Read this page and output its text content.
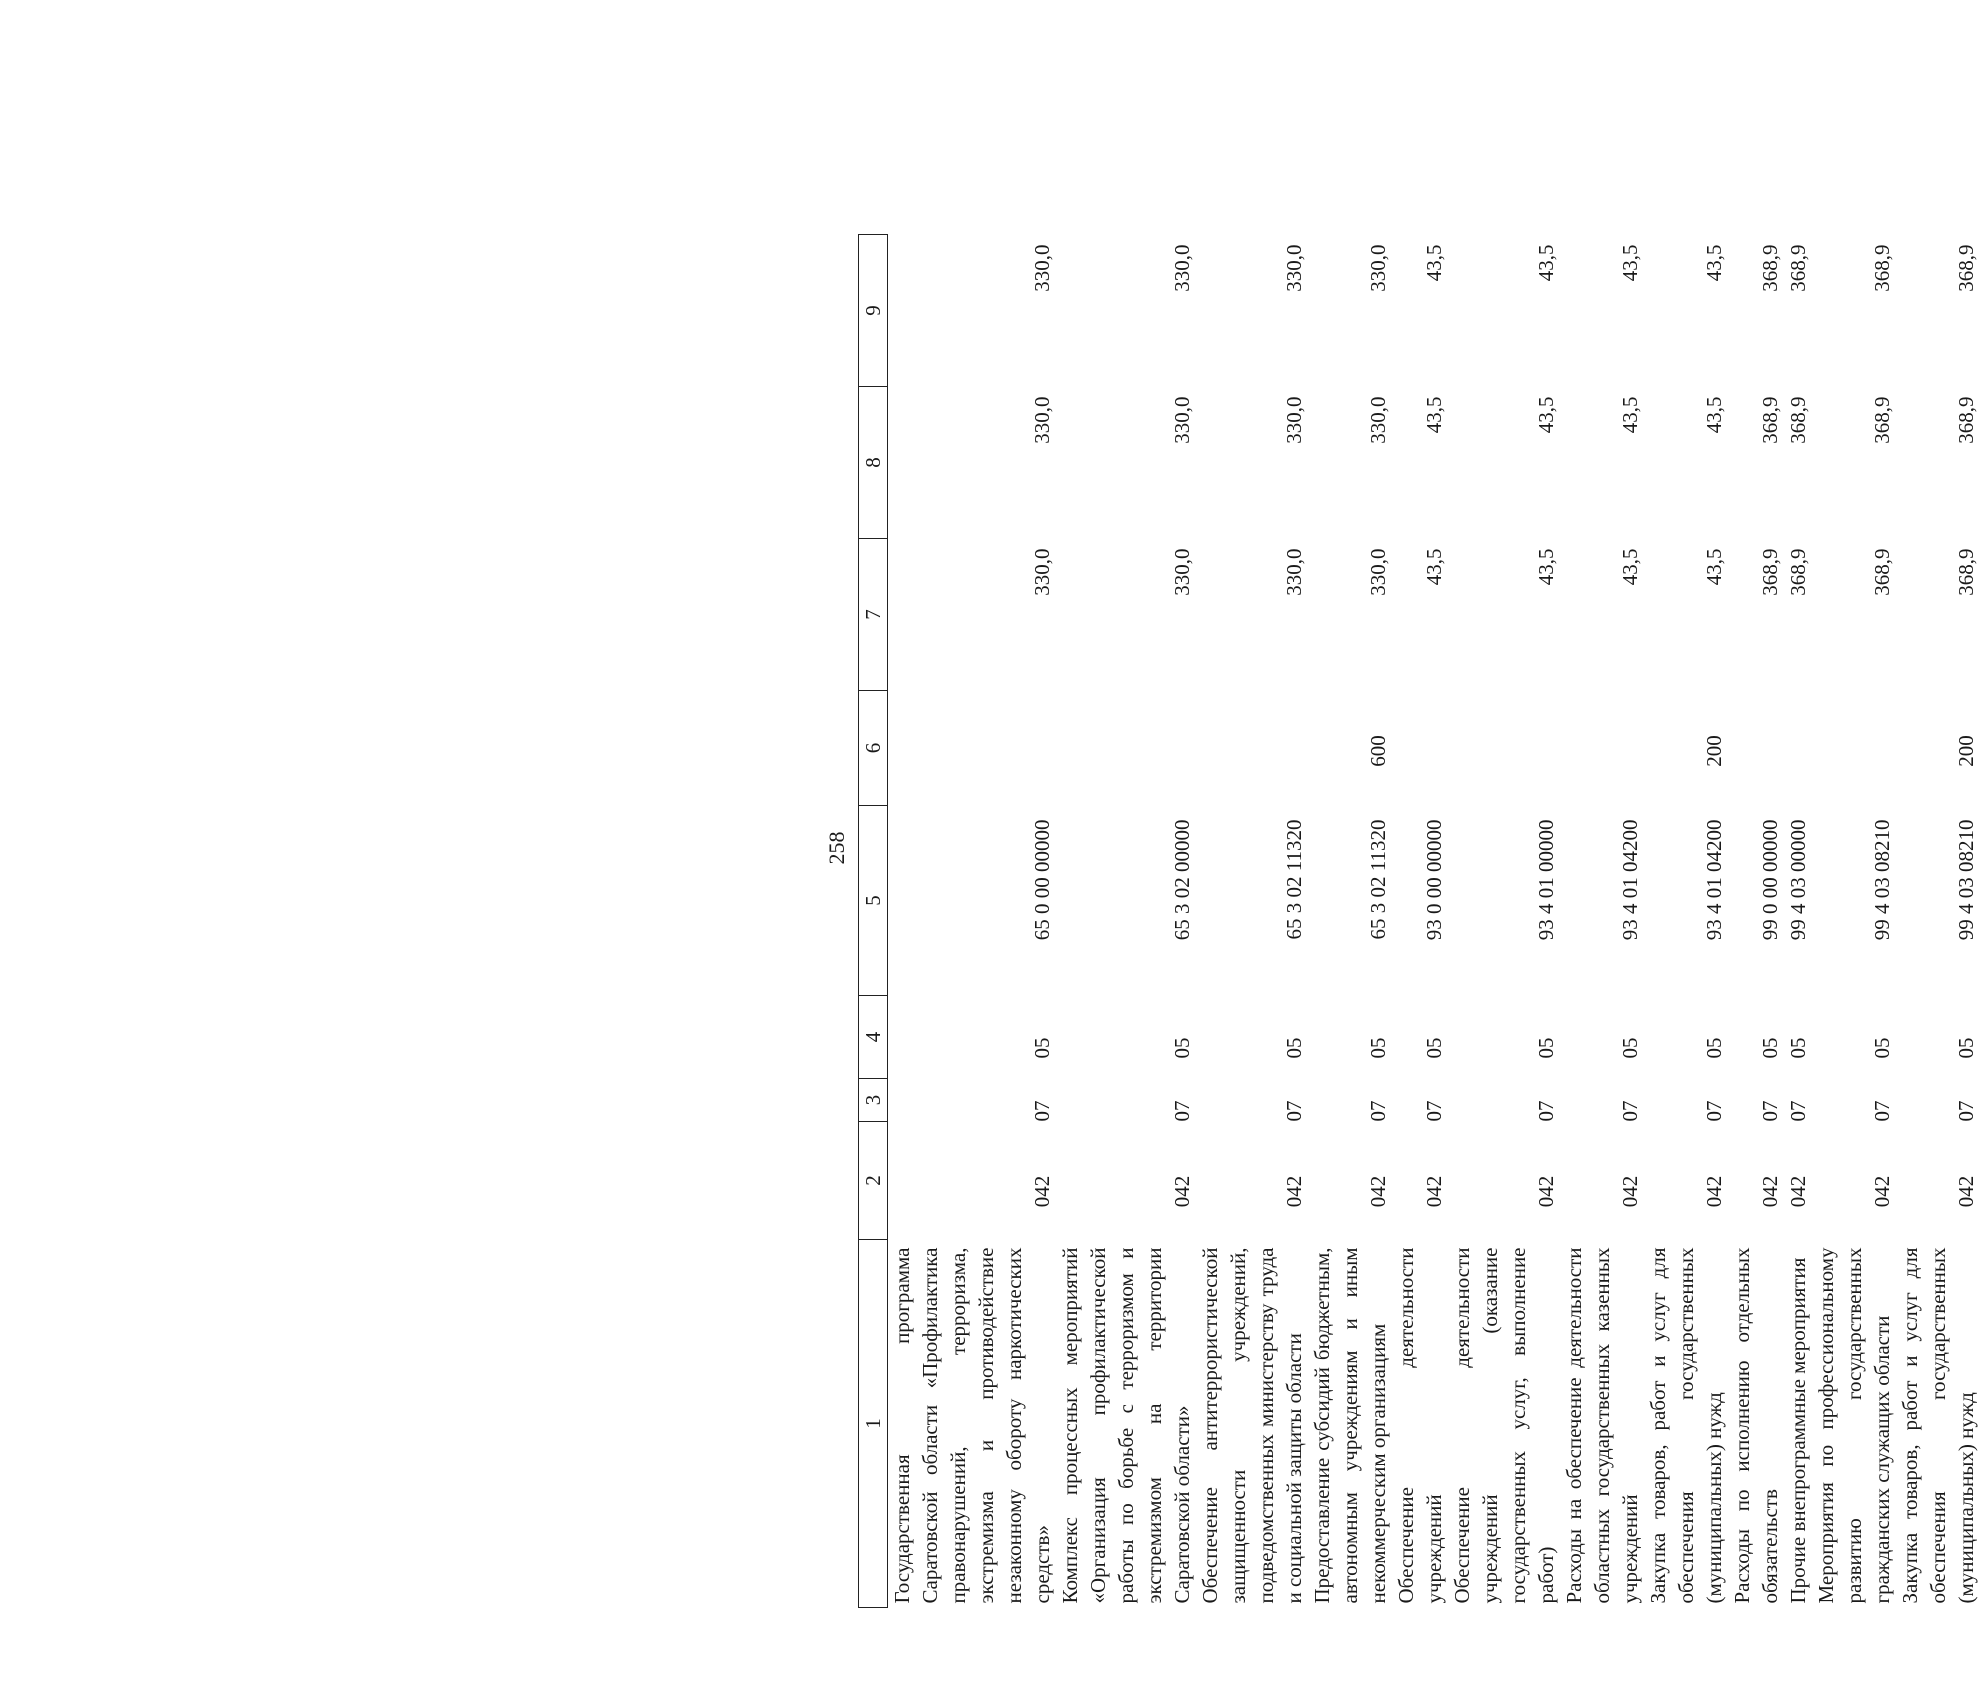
258
1	2	3	4	5	6	7	8	9
Государственная программа Саратовской области «Профилактика правонарушений, терроризма, экстремизма и противодействие незаконному обороту наркотических средств»	042	07	05	65 0 00 00000		330,0	330,0	330,0
Комплекс процессных мероприятий «Организация профилактической работы по борьбе с терроризмом и экстремизмом на территории Саратовской области»	042	07	05	65 3 02 00000		330,0	330,0	330,0
Обеспечение антитеррористической защищенности учреждений, подведомственных министерству труда и социальной защиты области	042	07	05	65 3 02 11320		330,0	330,0	330,0
Предоставление субсидий бюджетным, автономным учреждениям и иным некоммерческим организациям	042	07	05	65 3 02 11320	600	330,0	330,0	330,0
Обеспечение деятельности учреждений	042	07	05	93 0 00 00000		43,5	43,5	43,5
Обеспечение деятельности учреждений (оказание государственных услуг, выполнение работ)	042	07	05	93 4 01 00000		43,5	43,5	43,5
Расходы на обеспечение деятельности областных государственных казенных учреждений	042	07	05	93 4 01 04200		43,5	43,5	43,5
Закупка товаров, работ и услуг для обеспечения государственных (муниципальных) нужд	042	07	05	93 4 01 04200	200	43,5	43,5	43,5
Расходы по исполнению отдельных обязательств	042	07	05	99 0 00 00000		368,9	368,9	368,9
Прочие внепрограммные мероприятия	042	07	05	99 4 03 00000		368,9	368,9	368,9
Мероприятия по профессиональному развитию государственных гражданских служащих области	042	07	05	99 4 03 08210		368,9	368,9	368,9
Закупка товаров, работ и услуг для обеспечения государственных (муниципальных) нужд	042	07	05	99 4 03 08210	200	368,9	368,9	368,9
